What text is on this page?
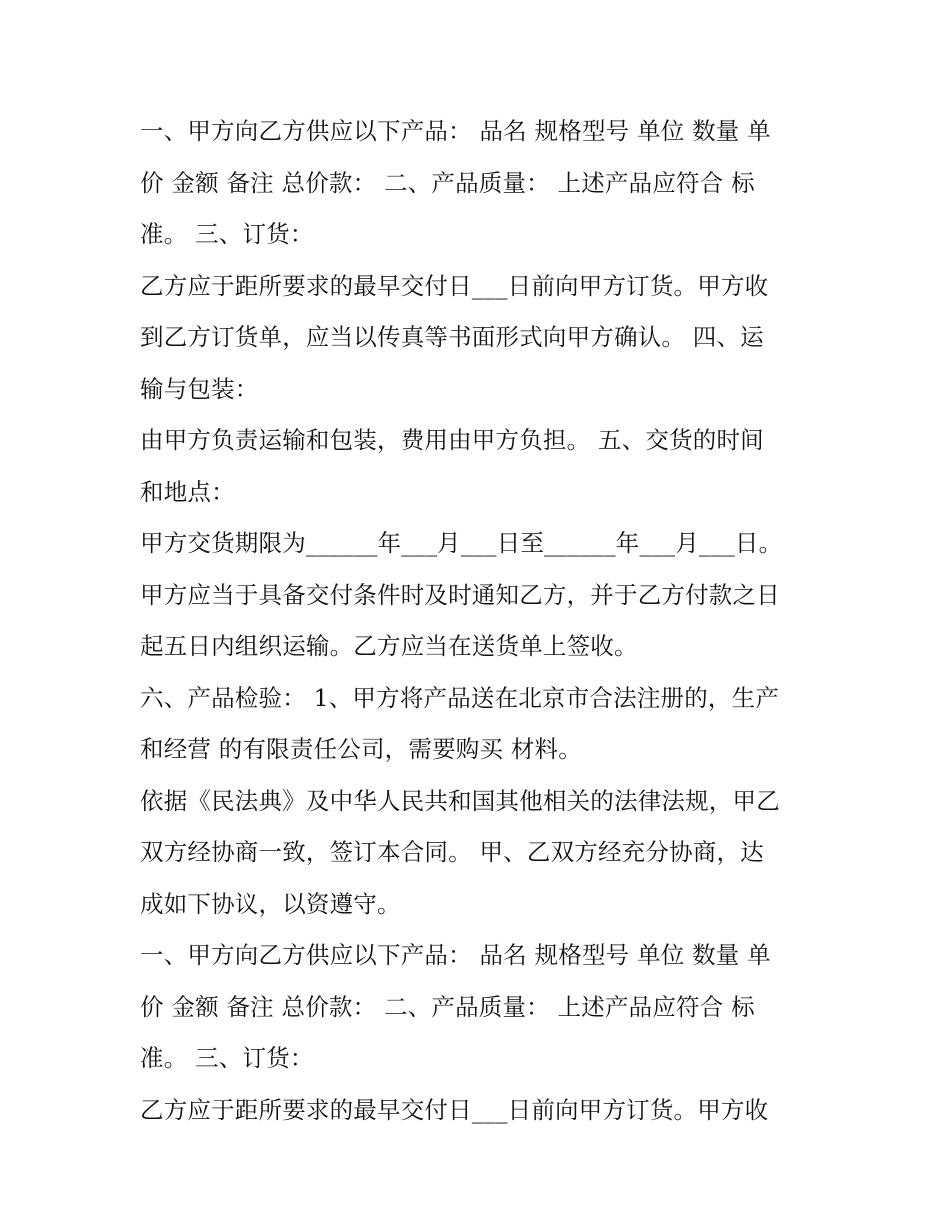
一、甲方向乙方供应以下产品： 品名 规格型号 单位 数量 单
价 金额 备注 总价款： 二、产品质量： 上述产品应符合 标
准。 三、订货：
乙方应于距所要求的最早交付日___日前向甲方订货。甲方收
到乙方订货单，应当以传真等书面形式向甲方确认。 四、运
输与包装：
由甲方负责运输和包装，费用由甲方负担。 五、交货的时间
和地点：
甲方交货期限为______年___月___日至______年___月___日。
甲方应当于具备交付条件时及时通知乙方，并于乙方付款之日
起五日内组织运输。乙方应当在送货单上签收。
六、产品检验： 1、甲方将产品送在北京市合法注册的，生产
和经营 的有限责任公司，需要购买 材料。
依据《民法典》及中华人民共和国其他相关的法律法规，甲乙
双方经协商一致，签订本合同。 甲、乙双方经充分协商，达
成如下协议，以资遵守。
一、甲方向乙方供应以下产品： 品名 规格型号 单位 数量 单
价 金额 备注 总价款： 二、产品质量： 上述产品应符合 标
准。 三、订货：
乙方应于距所要求的最早交付日___日前向甲方订货。甲方收
